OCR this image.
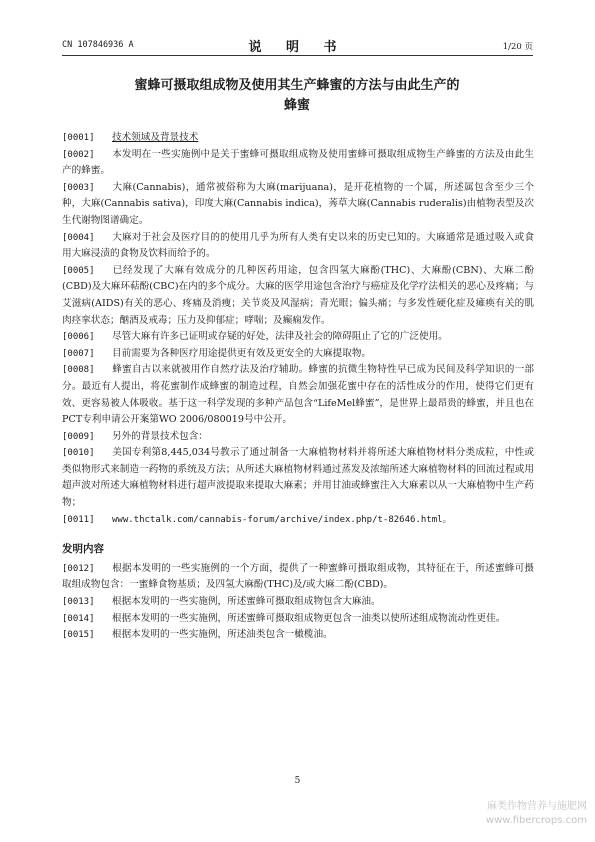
CN 107846936 A	说 明 书	1/20 页
蜜蜂可摄取组成物及使用其生产蜂蜜的方法与由此生产的
蜂蜜

[0001] 技术领域及背景技术

[0002] 本发明在一些实施例中是关于蜜蜂可摄取组成物及使用蜜蜂可摄取组成物生产蜂蜜的方法及由此生产的蜂蜜。

[0003] 大麻(Cannabis)，通常被俗称为大麻(marijuana)，是开花植物的一个属，所述属包含至少三个种，大麻(Cannabis sativa)，印度大麻(Cannabis indica)，莠草大麻(Cannabis ruderalis)由植物表型及次生代谢物图谱确定。

[0004] 大麻对于社会及医疗目的的使用几乎为所有人类有史以来的历史已知的。大麻通常是通过吸入或食用大麻浸渍的食物及饮料而给予的。

[0005] 已经发现了大麻有效成分的几种医药用途，包含四氢大麻酚(THC)、大麻酚(CBN)、大麻二酚(CBD)及大麻环萜酚(CBC)在内的多个成分。大麻的医学用途包含治疗与癌症及化学疗法相关的恶心及疼痛；与艾滋病(AIDS)有关的恶心、疼痛及消瘦；关节炎及风湿病；青光眼；偏头痛；与多发性硬化症及瘫痪有关的肌肉痉挛状态；酗酒及戒毒；压力及抑郁症；哮喘；及癫痫发作。

[0006] 尽管大麻有许多已证明或存疑的好处，法律及社会的障碍阻止了它的广泛使用。

[0007] 目前需要为各种医疗用途提供更有效及更安全的大麻提取物。

[0008] 蜂蜜自古以来就被用作自然疗法及治疗辅助。蜂蜜的抗微生物特性早已成为民间及科学知识的一部分。最近有人提出，将花蜜制作成蜂蜜的制造过程，自然会加强花蜜中存在的活性成分的作用，使得它们更有效、更容易被人体吸收。基于这一科学发现的多种产品包含“LifeMel蜂蜜”，是世界上最昂贵的蜂蜜，并且也在PCT专利申请公开案第WO 2006/080019号中公开。

[0009] 另外的背景技术包含：

[0010] 美国专利第8,445,034号教示了通过制备一大麻植物材料并将所述大麻植物材料分类成粒，中性或类似物形式来制造一药物的系统及方法；从所述大麻植物材料通过蒸发及浓缩所述大麻植物材料的回流过程或用超声波对所述大麻植物材料进行超声波提取来提取大麻素；并用甘油或蜂蜜注入大麻素以从一大麻植物中生产药物；

[0011] www.thctalk.com/cannabis-forum/archive/index.php/t-82646.html。

发明内容

[0012] 根据本发明的一些实施例的一个方面，提供了一种蜜蜂可摄取组成物，其特征在于，所述蜜蜂可摄取组成物包含：一蜜蜂食物基质；及四氢大麻酚(THC)及/或大麻二酚(CBD)。

[0013] 根据本发明的一些实施例，所述蜜蜂可摄取组成物包含大麻油。

[0014] 根据本发明的一些实施例，所述蜜蜂可摄取组成物更包含一油类以使所述组成物流动性更佳。

[0015] 根据本发明的一些实施例，所述油类包含一橄榄油。

5
麻类作物营养与施肥网
www.fibercrops.com
